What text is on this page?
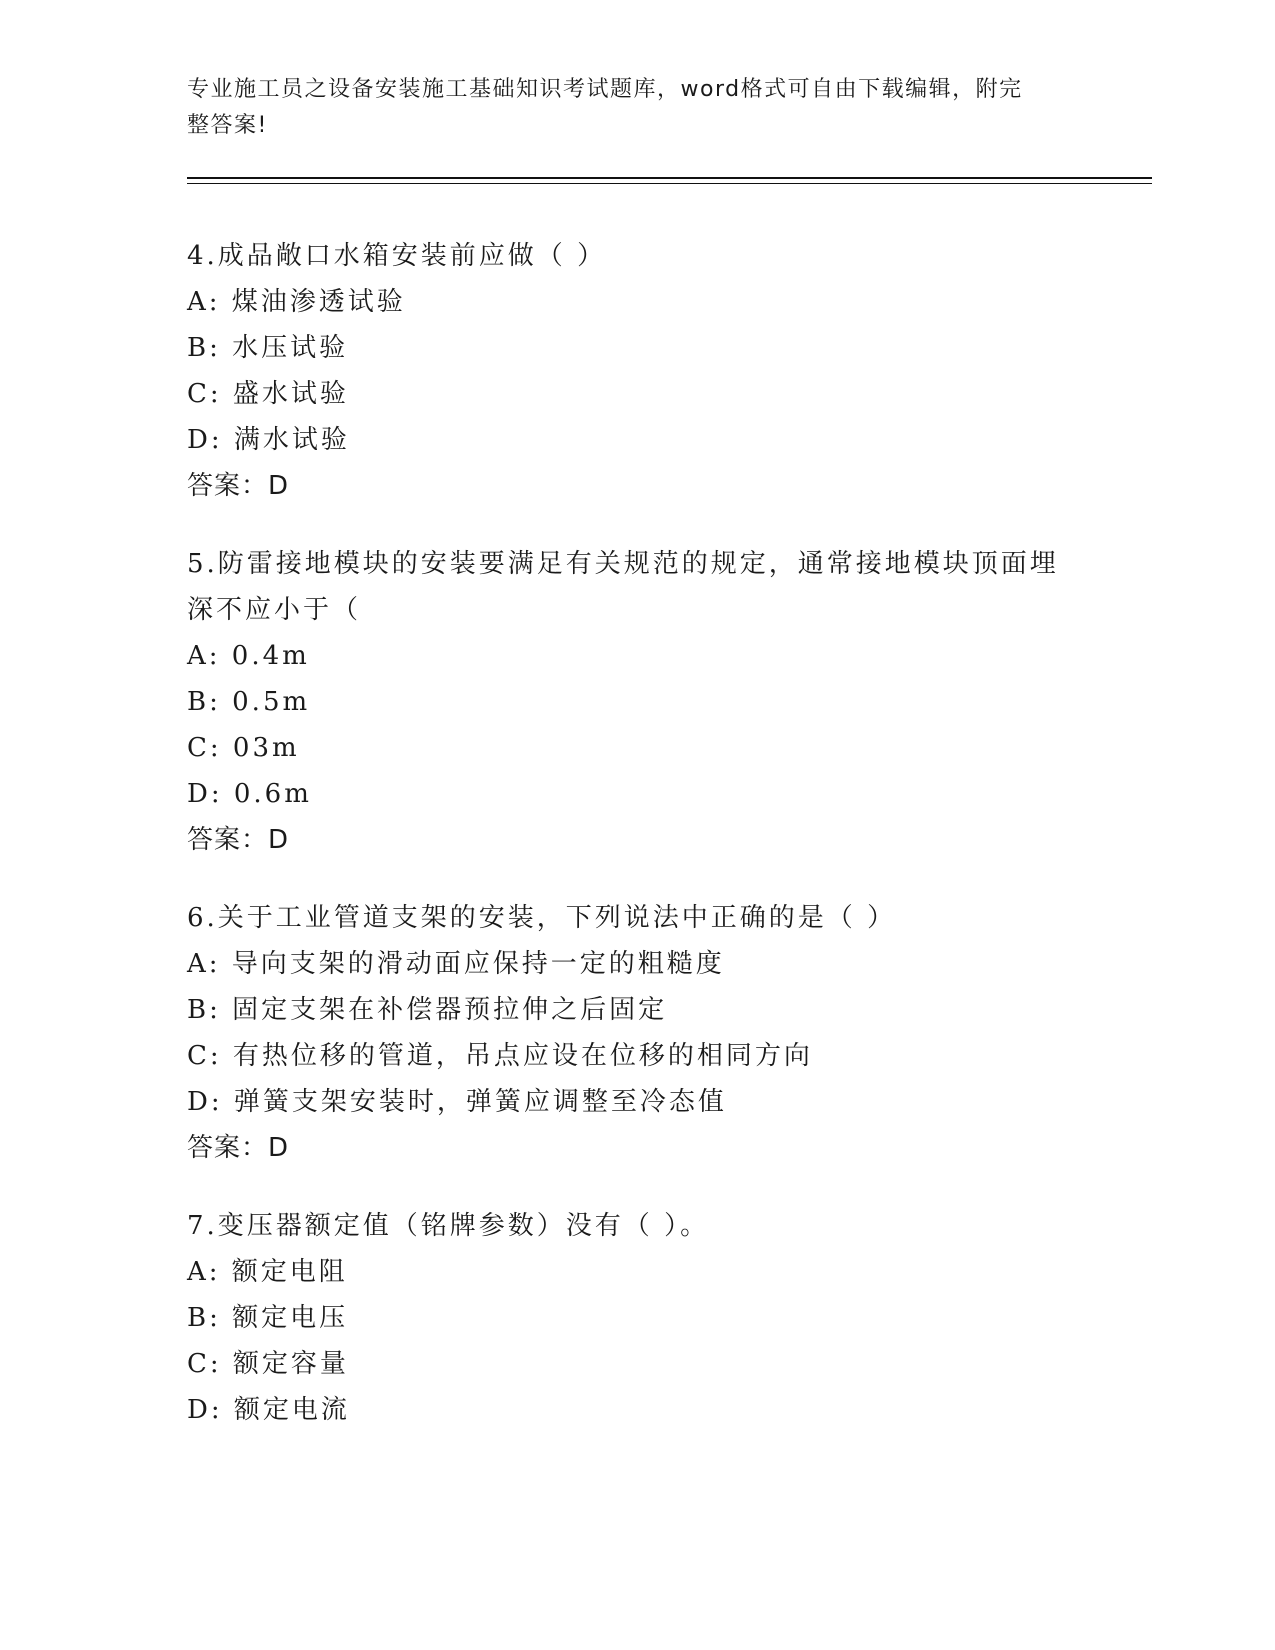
专业施工员之设备安装施工基础知识考试题库，word格式可自由下载编辑，附完
整答案!
4.成品敞口水箱安装前应做（ ）
A: 煤油渗透试验
B: 水压试验
C: 盛水试验
D: 满水试验
答案：D
5.防雷接地模块的安装要满足有关规范的规定，通常接地模块顶面埋
深不应小于（
A: 0.4m
B: 0.5m
C: 03m
D: 0.6m
答案：D
6.关于工业管道支架的安装，下列说法中正确的是（ ）
A: 导向支架的滑动面应保持一定的粗糙度
B: 固定支架在补偿器预拉伸之后固定
C: 有热位移的管道，吊点应设在位移的相同方向
D: 弹簧支架安装时，弹簧应调整至冷态值
答案：D
7.变压器额定值（铭牌参数）没有（ ）。
A: 额定电阻
B: 额定电压
C: 额定容量
D: 额定电流
